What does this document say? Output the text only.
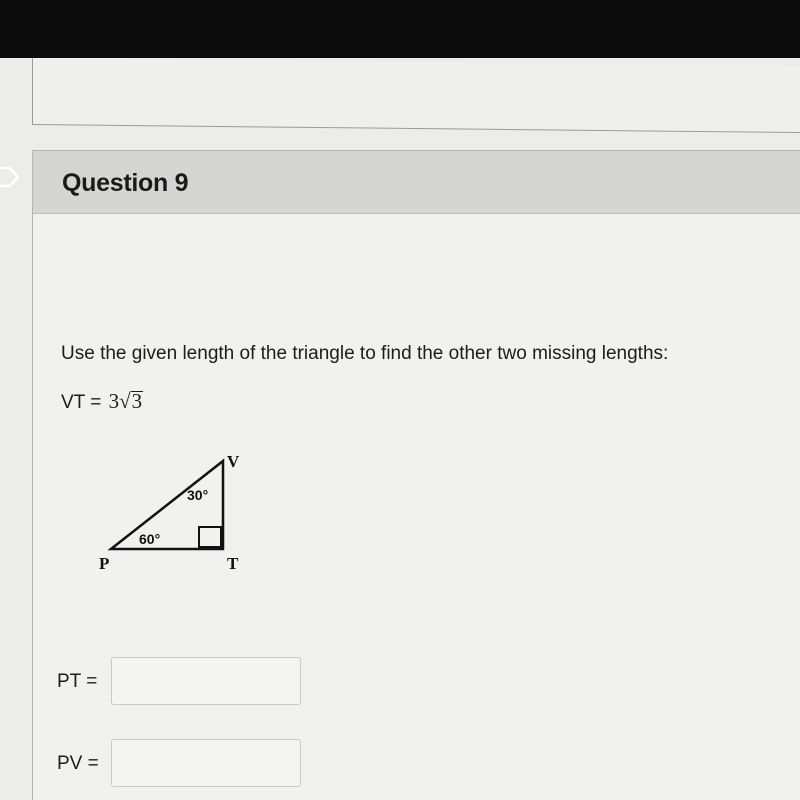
Question 9
Use the given length of the triangle to find the other two missing lengths:
VT = 3√3
V
P	T
30°
60°
PT =
PV =
